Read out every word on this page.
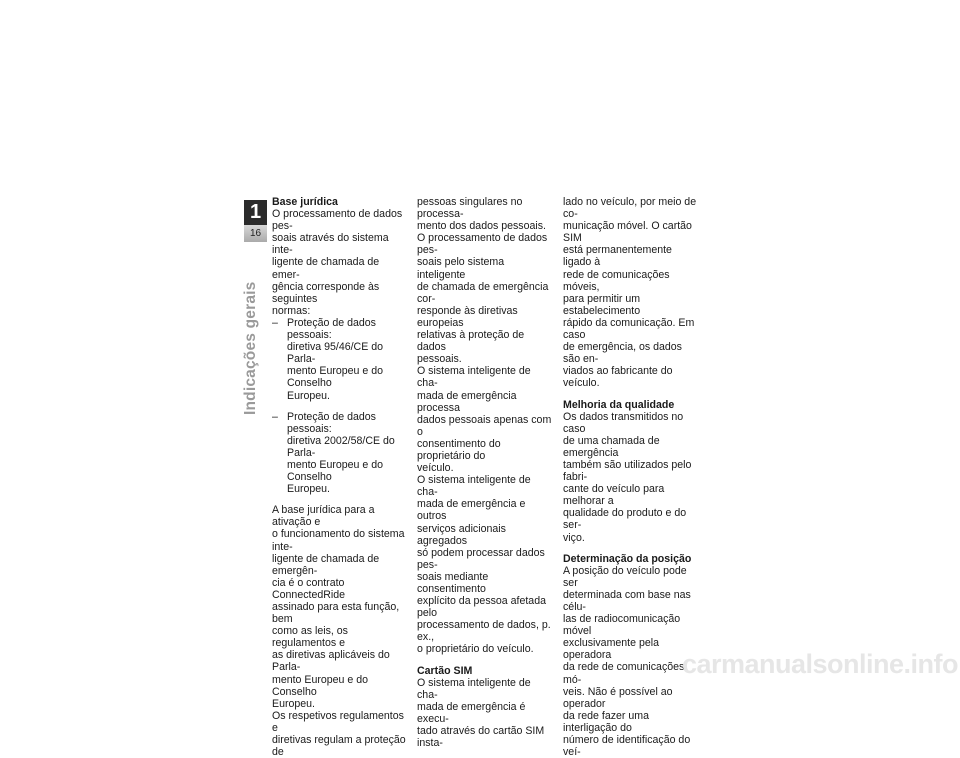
1
16
Indicações gerais
Base jurídica

O processamento de dados pes-
soais através do sistema inte-
ligente de chamada de emer-
gência corresponde às seguintes
normas:

– Proteção de dados pessoais:
diretiva 95/46/CE do Parla-
mento Europeu e do Conselho
Europeu.
– Proteção de dados pessoais:
diretiva 2002/58/CE do Parla-
mento Europeu e do Conselho
Europeu.

A base jurídica para a ativação e
o funcionamento do sistema inte-
ligente de chamada de emergên-
cia é o contrato ConnectedRide
assinado para esta função, bem
como as leis, os regulamentos e
as diretivas aplicáveis do Parla-
mento Europeu e do Conselho
Europeu.
Os respetivos regulamentos e
diretivas regulam a proteção de

pessoas singulares no processa-
mento dos dados pessoais.
O processamento de dados pes-
soais pelo sistema inteligente
de chamada de emergência cor-
responde às diretivas europeias
relativas à proteção de dados
pessoais.
O sistema inteligente de cha-
mada de emergência processa
dados pessoais apenas com o
consentimento do proprietário do
veículo.
O sistema inteligente de cha-
mada de emergência e outros
serviços adicionais agregados
só podem processar dados pes-
soais mediante consentimento
explícito da pessoa afetada pelo
processamento de dados, p. ex.,
o proprietário do veículo.

Cartão SIM

O sistema inteligente de cha-
mada de emergência é execu-
tado através do cartão SIM insta-

lado no veículo, por meio de co-
municação móvel. O cartão SIM
está permanentemente ligado à
rede de comunicações móveis,
para permitir um estabelecimento
rápido da comunicação. Em caso
de emergência, os dados são en-
viados ao fabricante do veículo.

Melhoria da qualidade

Os dados transmitidos no caso
de uma chamada de emergência
também são utilizados pelo fabri-
cante do veículo para melhorar a
qualidade do produto e do ser-
viço.

Determinação da posição

A posição do veículo pode ser
determinada com base nas célu-
las de radiocomunicação móvel
exclusivamente pela operadora
da rede de comunicações mó-
veis. Não é possível ao operador
da rede fazer uma interligação do
número de identificação do veí-

carmanualsonline.info
